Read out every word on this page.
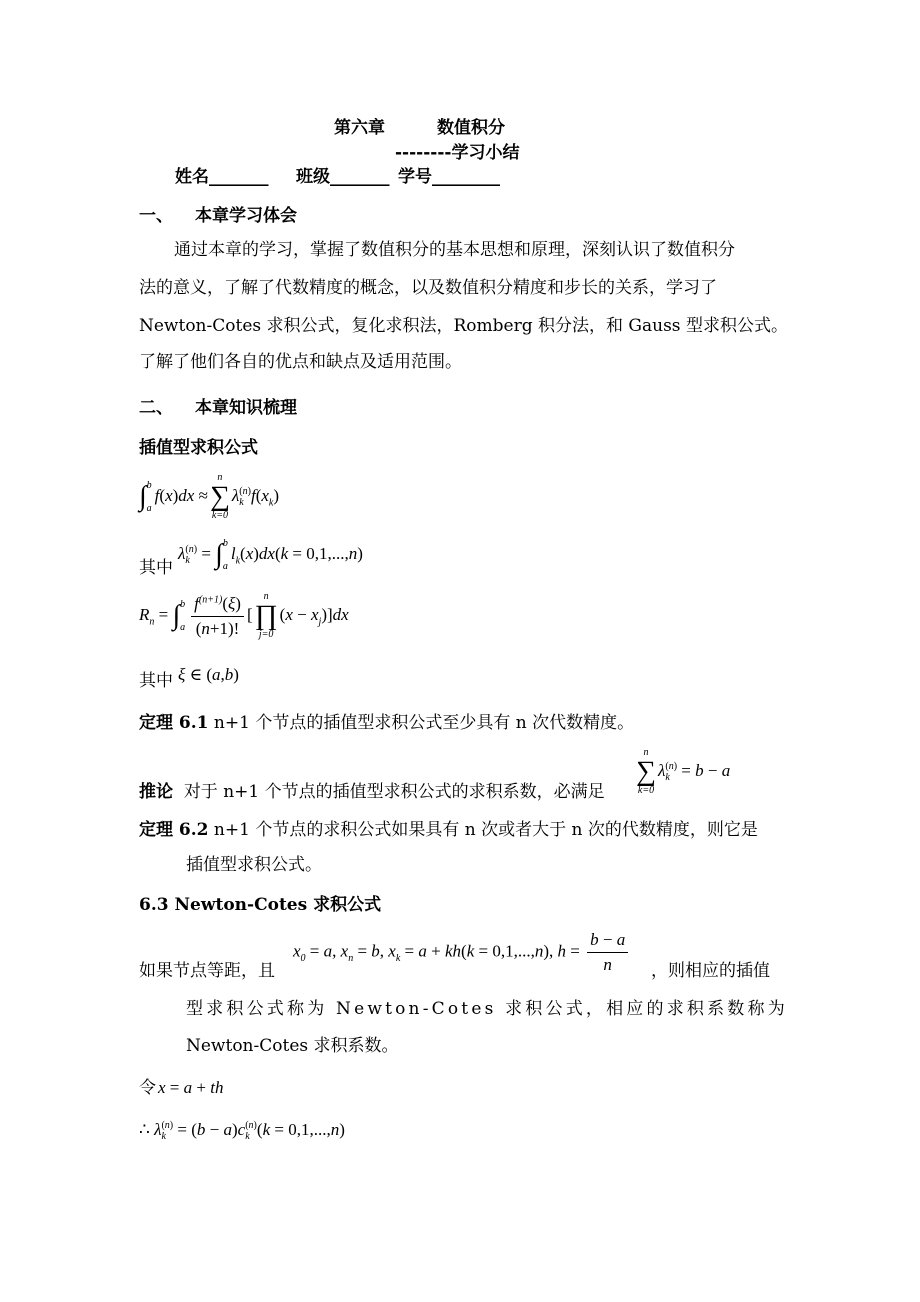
第六章	数值积分
--------学习小结
姓名_______ 班级_______ 学号________
一、 本章学习体会
通过本章的学习，掌握了数值积分的基本思想和原理，深刻认识了数值积分
法的意义，了解了代数精度的概念，以及数值积分精度和步长的关系，学习了
Newton-Cotes 求积公式，复化求积法，Romberg 积分法，和 Gauss 型求积公式。
了解了他们各自的优点和缺点及适用范围。
二、 本章知识梳理
插值型求积公式
∫ b
a
f(x)dx ≈
n
∑
k=0
λ (n)
k $f(x_k)$
其中
λ (n)
k = ∫ b
a
$l_k(x)dx(k = 0,1,...,n)$
$R_n$ = ∫ b
a $\frac{f^{(n+1)}(\xi)}{(n+1)!}$ [
n
∏
j=0
$(x - x_j)]dx$
其中 ξ ∈ (a,b)
定理 6.1 n+1 个节点的插值型求积公式至少具有 n 次代数精度。
推论 对于 n+1 个节点的插值型求积公式的求积系数，必满足
n
∑
k=0
λ (n)
k = b − a
定理 6.2 n+1 个节点的求积公式如果具有 n 次或者大于 n 次的代数精度，则它是
插值型求积公式。
6.3 Newton-Cotes 求积公式
如果节点等距，且
$x_0 = a$, $x_n = b$, $x_k = a + kh(k = 0,1,...,n)$, $h = \frac{b - a}{n}$ ，则相应的插值
型求积公式称为 Newton-Cotes 求积公式，相应的求积系数称为
Newton-Cotes 求积系数。
令 x = a + th
∴ λ (n)
k = (b − a)c (n)
k (k = 0,1,...,n)
